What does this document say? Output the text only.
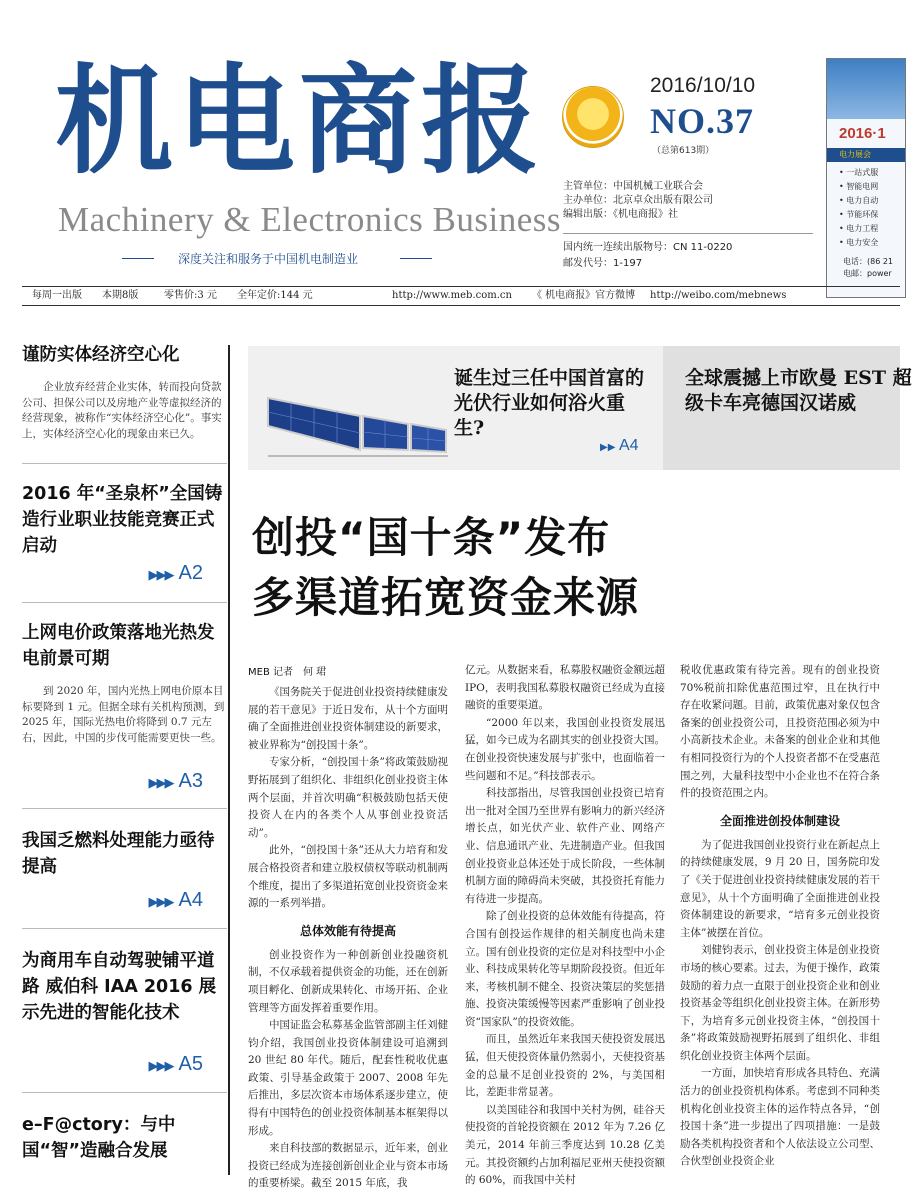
机电商报
Machinery & Electronics Business
深度关注和服务于中国机电制造业
2016/10/10
NO.37
（总第613期）
主管单位：中国机械工业联合会
主办单位：北京卓众出版有限公司
编辑出版：《机电商报》社
国内统一连续出版物号：CN 11-0220
邮发代号：1-197
2016·1
电力展会
• 一站式服
• 智能电网
• 电力自动
• 节能环保
• 电力工程
• 电力安全
电话：(86 21
电邮：power
每周一出版 本期8版	零售价:3 元 全年定价:144 元	http://www.meb.com.cn 《 机电商报》官方微博 http://weibo.com/mebnews
谨防实体经济空心化
企业放弃经营企业实体，转而投向贷款公司、担保公司以及房地产业等虚拟经济的经营现象，被称作“实体经济空心化”。事实上，实体经济空心化的现象由来已久。
2016 年“圣泉杯”全国铸造行业职业技能竞赛正式启动
▶▶▶ A2
上网电价政策落地光热发电前景可期
到 2020 年，国内光热上网电价原本目标要降到 1 元。但据全球有关机构预测，到 2025 年，国际光热电价将降到 0.7 元左右，因此，中国的步伐可能需要更快一些。
▶▶▶ A3
我国乏燃料处理能力亟待提高
▶▶▶ A4
为商用车自动驾驶铺平道路 威伯科 IAA 2016 展示先进的智能化技术
▶▶▶ A5
e–F@ctory：与中国“智”造融合发展
诞生过三任中国首富的光伏行业如何浴火重生?
▶▶ A4
全球震撼上市欧曼 EST 超级卡车亮德国汉诺威
创投“国十条”发布
多渠道拓宽资金来源
MEB 记者　何 珺

《国务院关于促进创业投资持续健康发展的若干意见》于近日发布，从十个方面明确了全面推进创业投资体制建设的新要求，被业界称为“创投国十条”。

专家分析，“创投国十条”将政策鼓励视野拓展到了组织化、非组织化创业投资主体两个层面，并首次明确“积极鼓励包括天使投资人在内的各类个人从事创业投资活动”。

此外，“创投国十条”还从大力培育和发展合格投资者和建立股权债权等联动机制两个维度，提出了多渠道拓宽创业投资资金来源的一系列举措。

总体效能有待提高

创业投资作为一种创新创业投融资机制，不仅承载着提供资金的功能，还在创新项目孵化、创新成果转化、市场开拓、企业管理等方面发挥着重要作用。

中国证监会私募基金监管部副主任刘健钧介绍，我国创业投资体制建设可追溯到 20 世纪 80 年代。随后，配套性税收优惠政策、引导基金政策于 2007、2008 年先后推出，多层次资本市场体系逐步建立，使得有中国特色的创业投资体制基本框架得以形成。

来自科技部的数据显示，近年来，创业投资已经成为连接创新创业企业与资本市场的重要桥梁。截至 2015 年底，我

亿元。从数据来看，私募股权融资金额远超 IPO，表明我国私募股权融资已经成为直接融资的重要渠道。

“2000 年以来，我国创业投资发展迅猛，如今已成为名副其实的创业投资大国。在创业投资快速发展与扩张中，也面临着一些问题和不足。”科技部表示。

科技部指出，尽管我国创业投资已培育出一批对全国乃至世界有影响力的新兴经济增长点，如光伏产业、软件产业、网络产业、信息通讯产业、先进制造产业。但我国创业投资业总体还处于成长阶段，一些体制机制方面的障碍尚未突破，其投资托育能力有待进一步提高。

除了创业投资的总体效能有待提高，符合国有创投运作规律的相关制度也尚未建立。国有创业投资的定位是对科技型中小企业、科技成果转化等早期阶段投资。但近年来，考核机制不健全、投资决策层的奖惩措施、投资决策缓慢等因素严重影响了创业投资“国家队”的投资效能。

而且，虽然近年来我国天使投资发展迅猛，但天使投资体量仍然弱小，天使投资基金的总量不足创业投资的 2%，与美国相比，差距非常显著。

以美国硅谷和我国中关村为例，硅谷天使投资的首轮投资额在 2012 年为 7.26 亿美元，2014 年前三季度达到 10.28 亿美元。其投资额约占加利福尼亚州天使投资额的 60%，而我国中关村

税收优惠政策有待完善。现有的创业投资 70%税前扣除优惠范围过窄，且在执行中存在收紧问题。目前，政策优惠对象仅包含备案的创业投资公司，且投资范围必须为中小高新技术企业。未备案的创业企业和其他有相同投资行为的个人投资者都不在受惠范围之列，大量科技型中小企业也不在符合条件的投资范围之内。

全面推进创投体制建设

为了促进我国创业投资行业在新起点上的持续健康发展，9 月 20 日，国务院印发了《关于促进创业投资持续健康发展的若干意见》，从十个方面明确了全面推进创业投资体制建设的新要求，“培育多元创业投资主体”被摆在首位。

刘健钧表示，创业投资主体是创业投资市场的核心要素。过去，为便于操作，政策鼓励的着力点一直限于创业投资企业和创业投资基金等组织化创业投资主体。在新形势下，为培育多元创业投资主体，“创投国十条”将政策鼓励视野拓展到了组织化、非组织化创业投资主体两个层面。

一方面，加快培育形成各具特色、充满活力的创业投资机构体系。考虑到不同种类机构化创业投资主体的运作特点各异，“创投国十条”进一步提出了四项措施：一是鼓励各类机构投资者和个人依法设立公司型、合伙型创业投资企业
